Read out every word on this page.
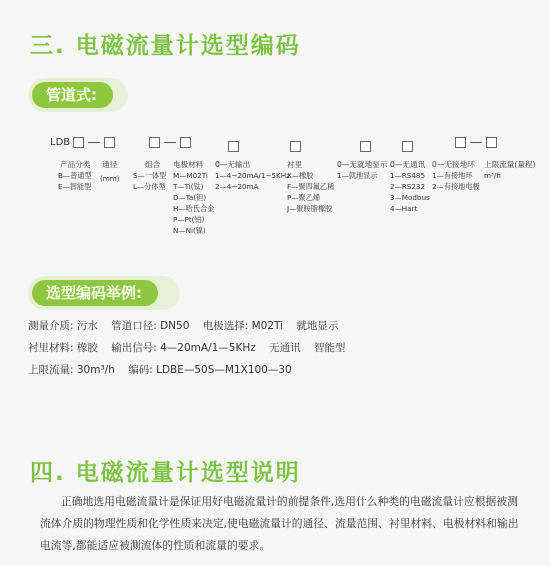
三. 电磁流量计选型编码
管道式:
LDB
产品分类
B—普通型
E—智能型
通径
(mm)
组合
S—一体型
L—分体型
电极材料
M—M02Ti
T—Ti(钛)
D—Ta(钽)
H—哈氏合金
P—Pt(铂)
N—Ni(镍)
0—无输出
1—4~20mA/1~5KHz
2—4~20mA
衬里
X—橡胶
F—聚四氟乙稀
P—聚乙烯
J—聚胺脂橡胶
0—无就地显示
1—就地显示
0—无通讯
1—RS485
2—RS232
3—Modbus
4—Hart
0—无接地环
1—有接地环
2—有接地电极
上限流量(量程)
m³/h
选型编码举例:
测量介质: 污水 管道口径: DN50 电极选择: M02Ti 就地显示
衬里材料: 橡胶 输出信号: 4—20mA/1—5KHz 无通讯 智能型
上限流量: 30m³/h 编码: LDBE—50S—M1X100—30
四. 电磁流量计选型说明
正确地选用电磁流量计是保证用好电磁流量计的前提条件,选用什么种类的电磁流量计应根据被测流体介质的物理性质和化学性质来决定,使电磁流量计的通径、流量范围、衬里材料、电极材料和输出电流等,都能适应被测流体的性质和流量的要求。
